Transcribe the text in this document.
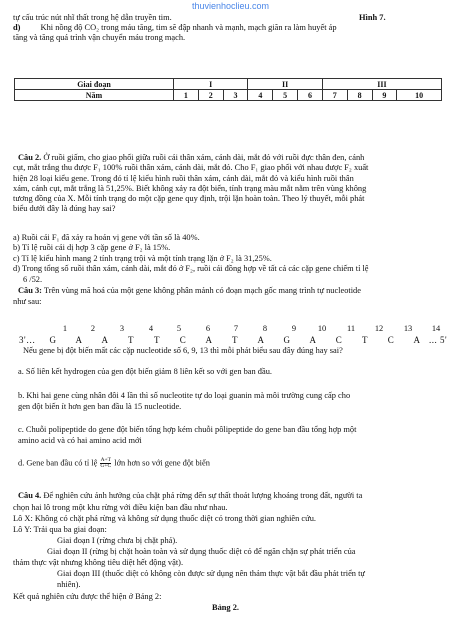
thuvienhoclieu.com
tự cấu trúc nút nhĩ thất trong hệ dẫn truyền tim.	Hình 7.
d) Khi nồng độ CO₂ trong máu tăng, tim sẽ đập nhanh và mạnh, mạch giãn ra làm huyết áp
tăng và tăng quá trình vận chuyển máu trong mạch.
Giai đoạn	I			II			III			
Năm	1	2	3	4	5	6	7	8	9	10
Câu 2. Ở ruồi giấm, cho giao phối giữa ruồi cái thân xám, cánh dài, mắt đỏ với ruồi đực thân đen, cánh
cụt, mắt trắng thu được F₁ 100% ruồi thân xám, cánh dài, mắt đỏ. Cho F₁ giao phối với nhau được F₂ xuất
hiện 28 loại kiểu gene. Trong đó tỉ lệ kiểu hình ruồi thân xám, cánh dài, mắt đỏ và kiểu hình ruồi thân
xám, cánh cụt, mắt trắng là 51,25%. Biết không xảy ra đột biến, tính trạng màu mắt nằm trên vùng không
tương đồng của X. Mỗi tính trạng do một cặp gene quy định, trội lặn hoàn toàn. Theo lý thuyết, mỗi phát
biểu dưới đây là đúng hay sai?
a) Ruồi cái F₁ đã xảy ra hoán vị gene với tần số là 40%.
b) Tỉ lệ ruồi cái dị hợp 3 cặp gene ở F₂ là 15%.
c) Tỉ lệ kiểu hình mang 2 tính trạng trội và một tính trạng lặn ở F₂ là 31,25%.
d) Trong tổng số ruồi thân xám, cánh dài, mắt đỏ ở F₂, ruồi cái đồng hợp về tất cả các cặp gene chiếm tỉ lệ
6 /52.
Câu 3: Trên vùng mã hoá của một gene không phân mảnh có đoạn mạch gốc mang trình tự nucleotide
như sau:
1	2	3	4	5	6	7	8	9	10	11	12	13	14
3'…	G	A	A	T	T	C	A	T	A	G	A	C	T	C	A ... 5'
Nếu gene bị đột biến mất các cặp nucleotide số 6, 9, 13 thì mỗi phát biểu sau đây đúng hay sai?
a. Số liên kết hydrogen của gen đột biến giảm 8 liên kết so với gen ban đầu.
b. Khi hai gene cùng nhân đôi 4 lần thì số nucleotite tự do loại guanin mà môi trường cung cấp cho
gen đột biến ít hơn gen ban đầu là 15 nucleotide.
c. Chuỗi polipeptide do gene đột biến tổng hợp kém chuỗi pôlipeptide do gene ban đầu tổng hợp một
amino acid và có hai amino acid mới
d. Gene ban đầu có tỉ lệ $\frac{A+T}{G+C}$ lớn hơn so với gene đột biến
Câu 4. Để nghiên cứu ảnh hưởng của chặt phá rừng đến sự thất thoát lượng khoáng trong đất, người ta
chọn hai lô trong một khu rừng với điều kiện ban đầu như nhau.
Lô X: Không có chặt phá rừng và không sử dụng thuốc diệt cỏ trong thời gian nghiên cứu.
Lô Y: Trải qua ba giai đoạn:
Giai đoạn I (rừng chưa bị chặt phá).
Giai đoạn II (rừng bị chặt hoàn toàn và sử dụng thuốc diệt cỏ để ngăn chặn sự phát triển của
thảm thực vật nhưng không tiêu diệt hết động vật).
Giai đoạn III (thuốc diệt cỏ không còn được sử dụng nên thảm thực vật bắt đầu phát triển tự
nhiên).
Kết quả nghiên cứu được thể hiện ở Bảng 2:
Bảng 2.
